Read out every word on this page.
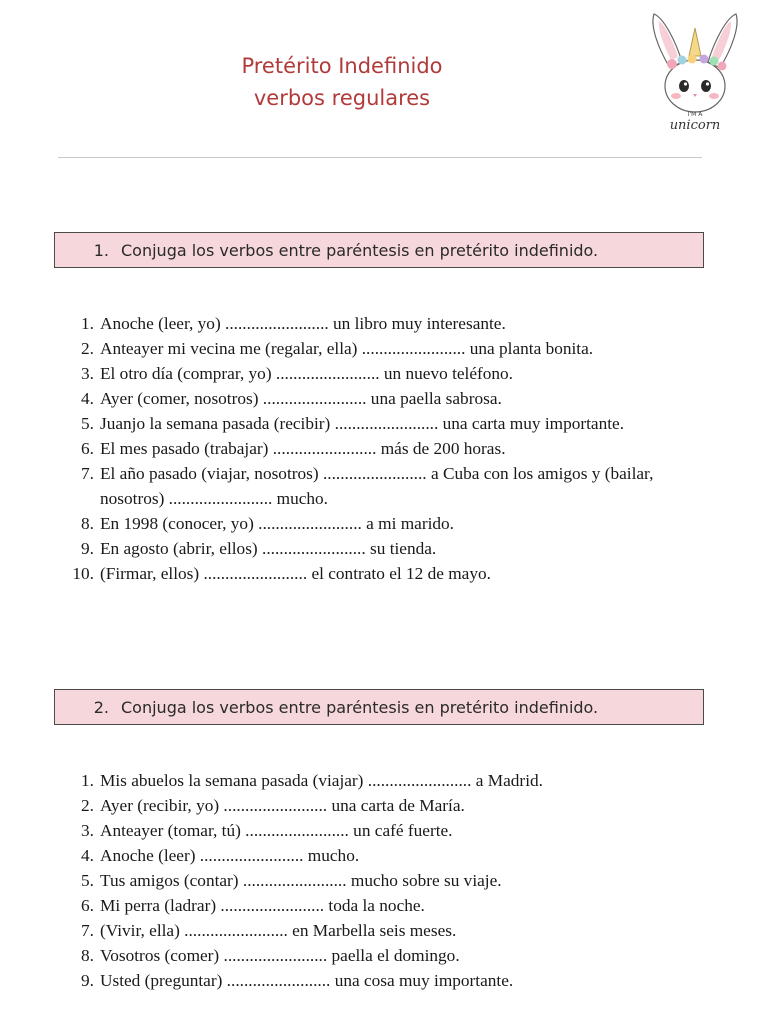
Pretérito Indefinido
verbos regulares
I'M A
unicorn
1. Conjuga los verbos entre paréntesis en pretérito indefinido.
1. Anoche (leer, yo) ........................ un libro muy interesante.
2. Anteayer mi vecina me (regalar, ella) ........................ una planta bonita.
3. El otro día (comprar, yo) ........................ un nuevo teléfono.
4. Ayer (comer, nosotros) ........................ una paella sabrosa.
5. Juanjo la semana pasada (recibir) ........................ una carta muy importante.
6. El mes pasado (trabajar) ........................ más de 200 horas.
7. El año pasado (viajar, nosotros) ........................ a Cuba con los amigos y (bailar, nosotros) ........................ mucho.
8. En 1998 (conocer, yo) ........................ a mi marido.
9. En agosto (abrir, ellos) ........................ su tienda.
10. (Firmar, ellos) ........................ el contrato el 12 de mayo.
2. Conjuga los verbos entre paréntesis en pretérito indefinido.
1. Mis abuelos la semana pasada (viajar) ........................ a Madrid.
2. Ayer (recibir, yo) ........................ una carta de María.
3. Anteayer (tomar, tú) ........................ un café fuerte.
4. Anoche (leer) ........................ mucho.
5. Tus amigos (contar) ........................ mucho sobre su viaje.
6. Mi perra (ladrar) ........................ toda la noche.
7. (Vivir, ella) ........................ en Marbella seis meses.
8. Vosotros (comer) ........................ paella el domingo.
9. Usted (preguntar) ........................ una cosa muy importante.
